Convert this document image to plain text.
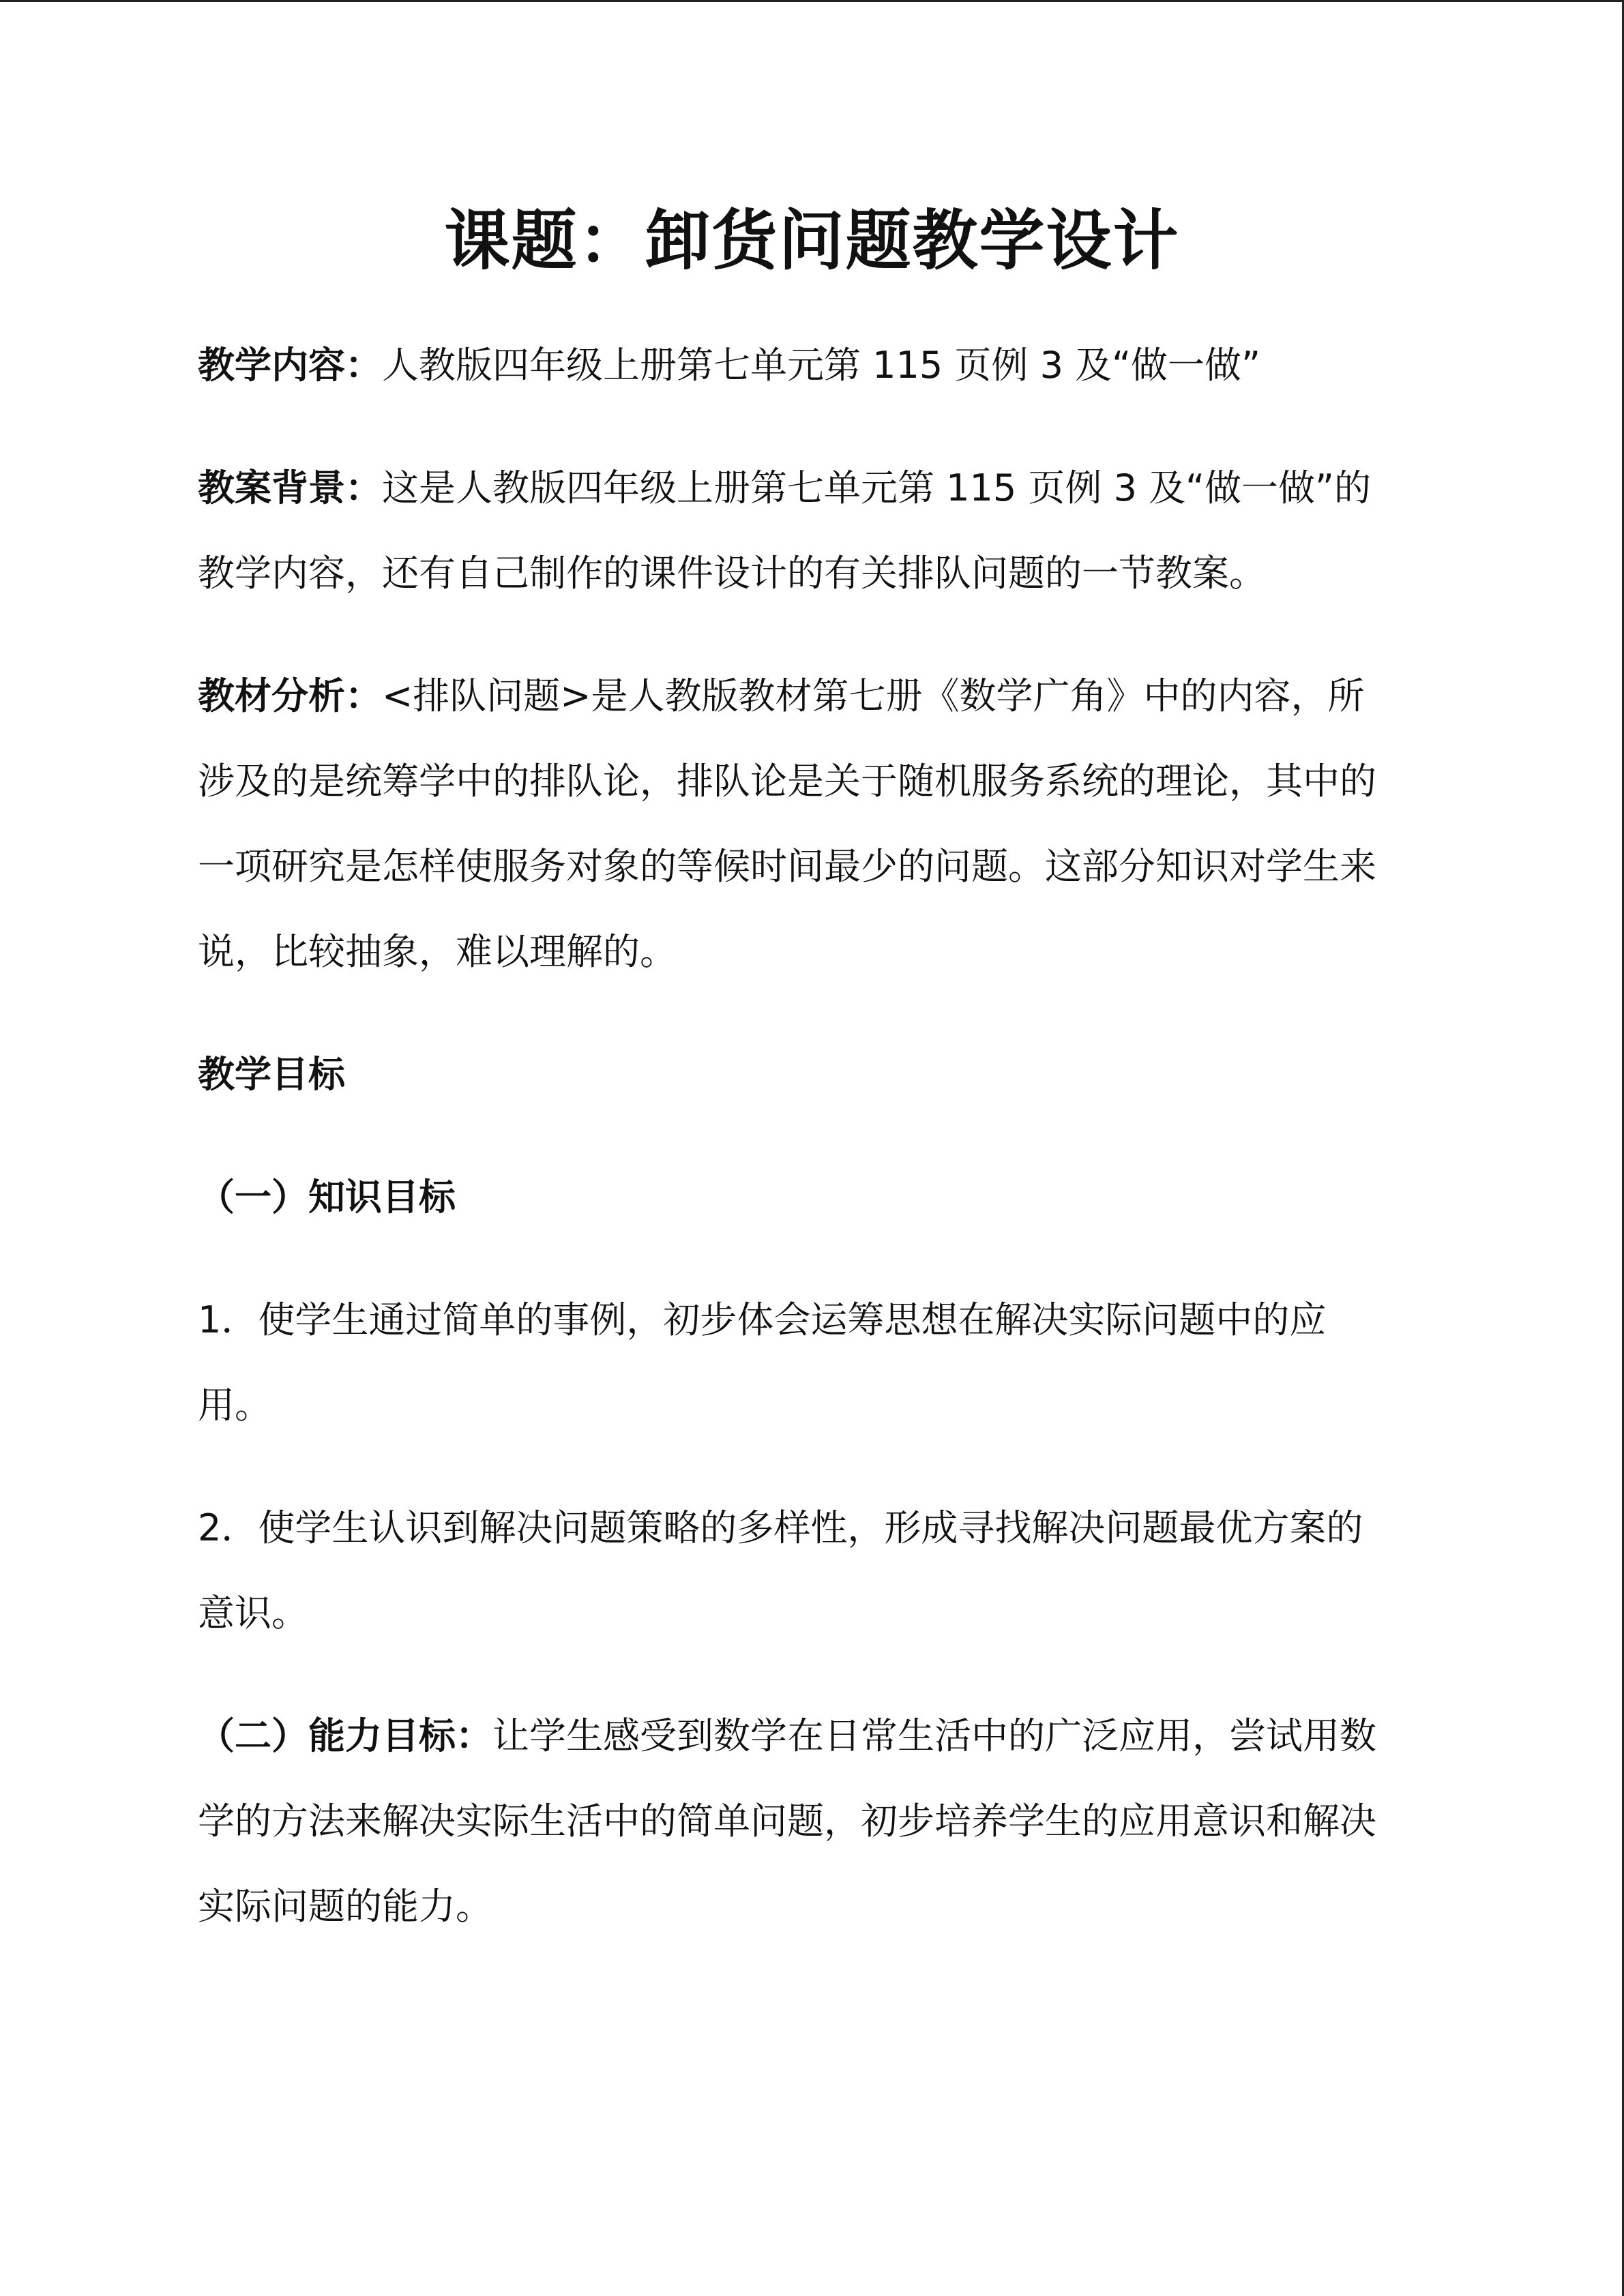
课题：卸货问题教学设计

教学内容：人教版四年级上册第七单元第 115 页例 3 及“做一做”

教案背景：这是人教版四年级上册第七单元第 115 页例 3 及“做一做”的教学内容，还有自己制作的课件设计的有关排队问题的一节教案。

教材分析：<排队问题>是人教版教材第七册《数学广角》中的内容，所涉及的是统筹学中的排队论，排队论是关于随机服务系统的理论，其中的一项研究是怎样使服务对象的等候时间最少的问题。这部分知识对学生来说，比较抽象，难以理解的。

教学目标

（一）知识目标

1．使学生通过简单的事例，初步体会运筹思想在解决实际问题中的应用。

2．使学生认识到解决问题策略的多样性，形成寻找解决问题最优方案的意识。

（二）能力目标：让学生感受到数学在日常生活中的广泛应用，尝试用数学的方法来解决实际生活中的简单问题，初步培养学生的应用意识和解决实际问题的能力。
